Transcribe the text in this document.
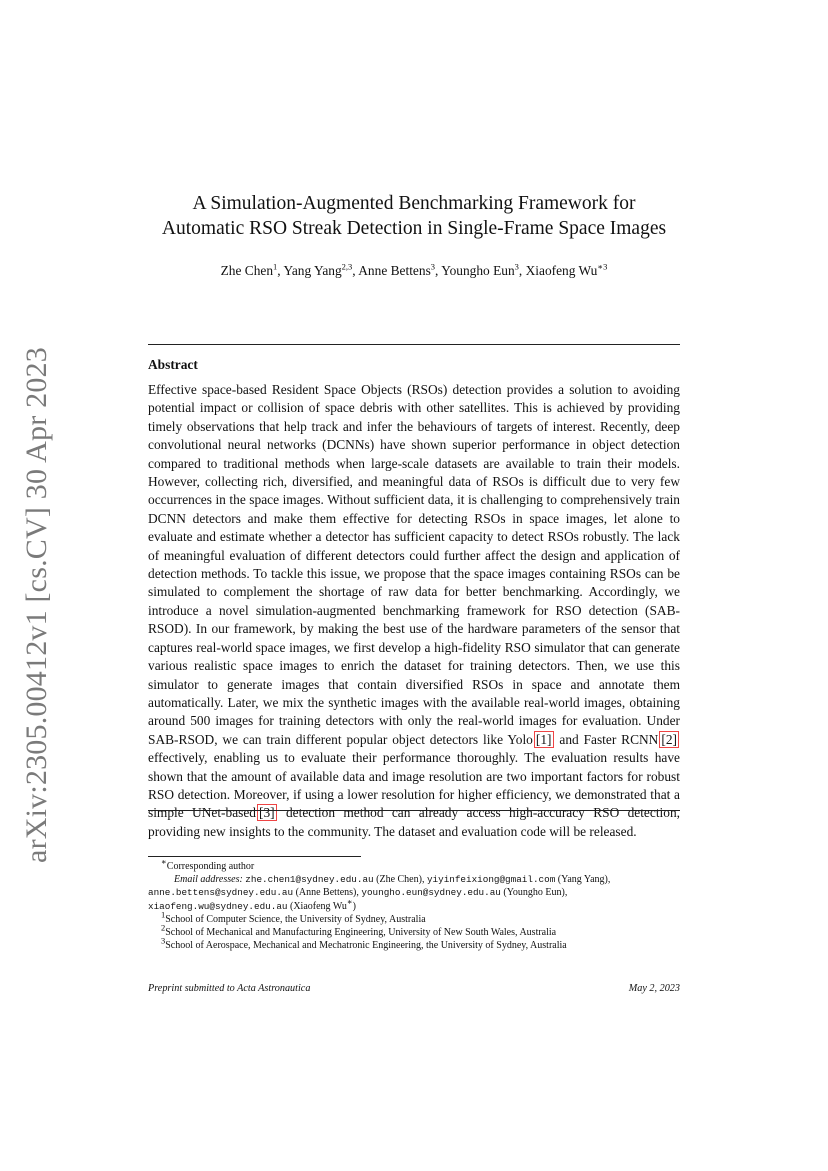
arXiv:2305.00412v1 [cs.CV] 30 Apr 2023
A Simulation-Augmented Benchmarking Framework for
Automatic RSO Streak Detection in Single-Frame Space Images
Zhe Chen$^1$, Yang Yang$^{2,3}$, Anne Bettens$^3$, Youngho Eun$^3$, Xiaofeng $Wu^{∗3}$
Abstract
Effective space-based Resident Space Objects (RSOs) detection provides a solution to avoiding potential impact or collision of space debris with other satellites. This is achieved by providing timely observations that help track and infer the behaviours of targets of interest. Recently, deep convolutional neural networks (DCNNs) have shown superior performance in object detection compared to traditional methods when large-scale datasets are available to train their models. However, collecting rich, diversified, and meaningful data of RSOs is difficult due to very few occurrences in the space images. Without sufficient data, it is challenging to comprehensively train DCNN detectors and make them effective for detecting RSOs in space images, let alone to evaluate and estimate whether a detector has sufficient capacity to detect RSOs robustly. The lack of meaningful evaluation of different detectors could further affect the design and application of detection methods. To tackle this issue, we propose that the space images containing RSOs can be simulated to complement the shortage of raw data for better benchmarking. Accordingly, we introduce a novel simulation-augmented benchmarking framework for RSO detection (SAB-RSOD). In our framework, by making the best use of the hardware parameters of the sensor that captures real-world space images, we first develop a high-fidelity RSO simulator that can generate various realistic space images to enrich the dataset for training detectors. Then, we use this simulator to generate images that contain diversified RSOs in space and annotate them automatically. Later, we mix the synthetic images with the available real-world images, obtaining around 500 images for training detectors with only the real-world images for evaluation. Under SAB-RSOD, we can train different popular object detectors like Yolo [1] and Faster RCNN [2] effectively, enabling us to evaluate their performance thoroughly. The evaluation results have shown that the amount of available data and image resolution are two important factors for robust RSO detection. Moreover, if using a lower resolution for higher efficiency, we demonstrated that a simple UNet-based [3] detection method can already access high-accuracy RSO detection, providing new insights to the community. The dataset and evaluation code will be released.
∗Corresponding author
Email addresses: zhe.chen1@sydney.edu.au (Zhe Chen), yiyinfeixiong@gmail.com (Yang Yang),
anne.bettens@sydney.edu.au (Anne Bettens), youngho.eun@sydney.edu.au (Youngho Eun),
xiaofeng.wu@sydney.edu.au (Xiaofeng Wu∗)
$^1$School of Computer Science, the University of Sydney, Australia
$^2$School of Mechanical and Manufacturing Engineering, University of New South Wales, Australia
$^3$School of Aerospace, Mechanical and Mechatronic Engineering, the University of Sydney, Australia
Preprint submitted to Acta Astronautica	May 2, 2023
